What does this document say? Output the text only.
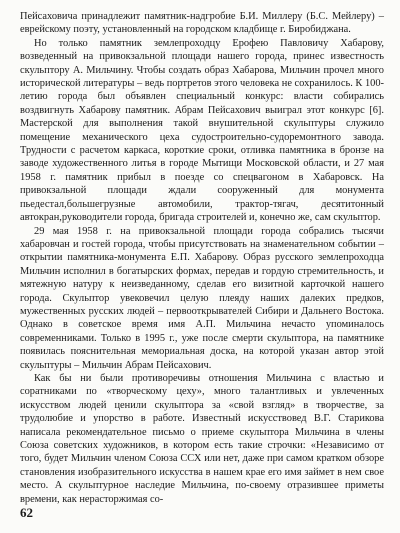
Пейсаховича принадлежит памятник-надгробие Б.И. Миллеру (Б.С. Мейлеру) – еврейскому поэту, установленный на городском кладбище г. Биробиджана.

Но только памятник землепроходцу Ерофею Павловичу Хабарову, возведенный на привокзальной площади нашего города, принес известность скульптору А. Мильчину. Чтобы создать образ Хабарова, Мильчин прочел много исторической литературы – ведь портретов этого человека не сохранилось. К 100-летию города был объявлен специальный конкурс: власти собирались воздвигнуть Хабарову памятник. Абрам Пейсахович выиграл этот конкурс [6]. Мастерской для выполнения такой внушительной скульптуры служило помещение механического цеха судостроительно-судоремонтного завода. Трудности с расчетом каркаса, короткие сроки, отливка памятника в бронзе на заводе художественного литья в городе Мытищи Московской области, и 27 мая 1958 г. памятник прибыл в поезде со спецвагоном в Хабаровск. На привокзальной площади ждали сооруженный для монумента пьедестал,большегрузные автомобили, трактор-тягач, десятитонный автокран,руководители города, бригада строителей и, конечно же, сам скульптор.

29 мая 1958 г. на привокзальной площади города собрались тысячи хабаровчан и гостей города, чтобы присутствовать на знаменательном событии – открытии памятника-монумента Е.П. Хабарову. Образ русского землепроходца Мильчин исполнил в богатырских формах, передав и гордую стремительность, и мятежную натуру к неизведанному, сделав его визитной карточкой нашего города. Скульптор увековечил целую плеяду наших далеких предков, мужественных русских людей – первооткрывателей Сибири и Дальнего Востока. Однако в советское время имя А.П. Мильчина нечасто упоминалось современниками. Только в 1995 г., уже после смерти скульптора, на памятнике появилась пояснительная мемориальная доска, на которой указан автор этой скульптуры – Мильчин Абрам Пейсахович.

Как бы ни были противоречивы отношения Мильчина с властью и соратниками по «творческому цеху», много талантливых и увлеченных искусством людей ценили скульптора за «свой взгляд» в творчестве, за трудолюбие и упорство в работе. Известный искусствовед В.Г. Старикова написала рекомендательное письмо о приеме скульптора Мильчина в члены Союза советских художников, в котором есть такие строчки: «Независимо от того, будет Мильчин членом Союза ССХ или нет, даже при самом кратком обзоре становления изобразительного искусства в нашем крае его имя займет в нем свое место. А скульптурное наследие Мильчина, по-своему отразившее приметы времени, как нерасторжимая со-

62
